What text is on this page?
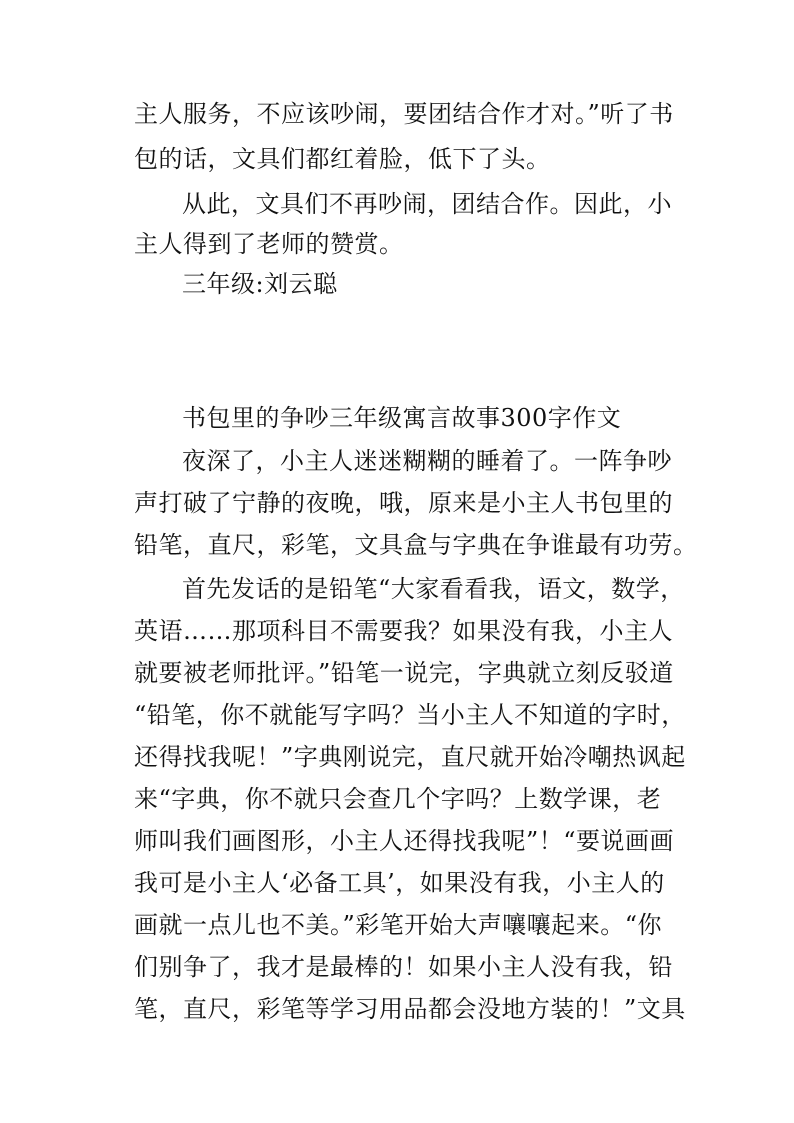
主人服务，不应该吵闹，要团结合作才对。”听了书
包的话，文具们都红着脸，低下了头。
从此，文具们不再吵闹，团结合作。因此，小
主人得到了老师的赞赏。
三年级:刘云聪
书包里的争吵三年级寓言故事300字作文
夜深了，小主人迷迷糊糊的睡着了。一阵争吵
声打破了宁静的夜晚，哦，原来是小主人书包里的
铅笔，直尺，彩笔，文具盒与字典在争谁最有功劳。
首先发话的是铅笔“大家看看我，语文，数学，
英语……那项科目不需要我？如果没有我，小主人
就要被老师批评。”铅笔一说完，字典就立刻反驳道
“铅笔，你不就能写字吗？当小主人不知道的字时，
还得找我呢！”字典刚说完，直尺就开始冷嘲热讽起
来“字典，你不就只会查几个字吗？上数学课，老
师叫我们画图形，小主人还得找我呢”！“要说画画
我可是小主人‘必备工具’，如果没有我，小主人的
画就一点儿也不美。”彩笔开始大声嚷嚷起来。“你
们别争了，我才是最棒的！如果小主人没有我，铅
笔，直尺，彩笔等学习用品都会没地方装的！”文具
